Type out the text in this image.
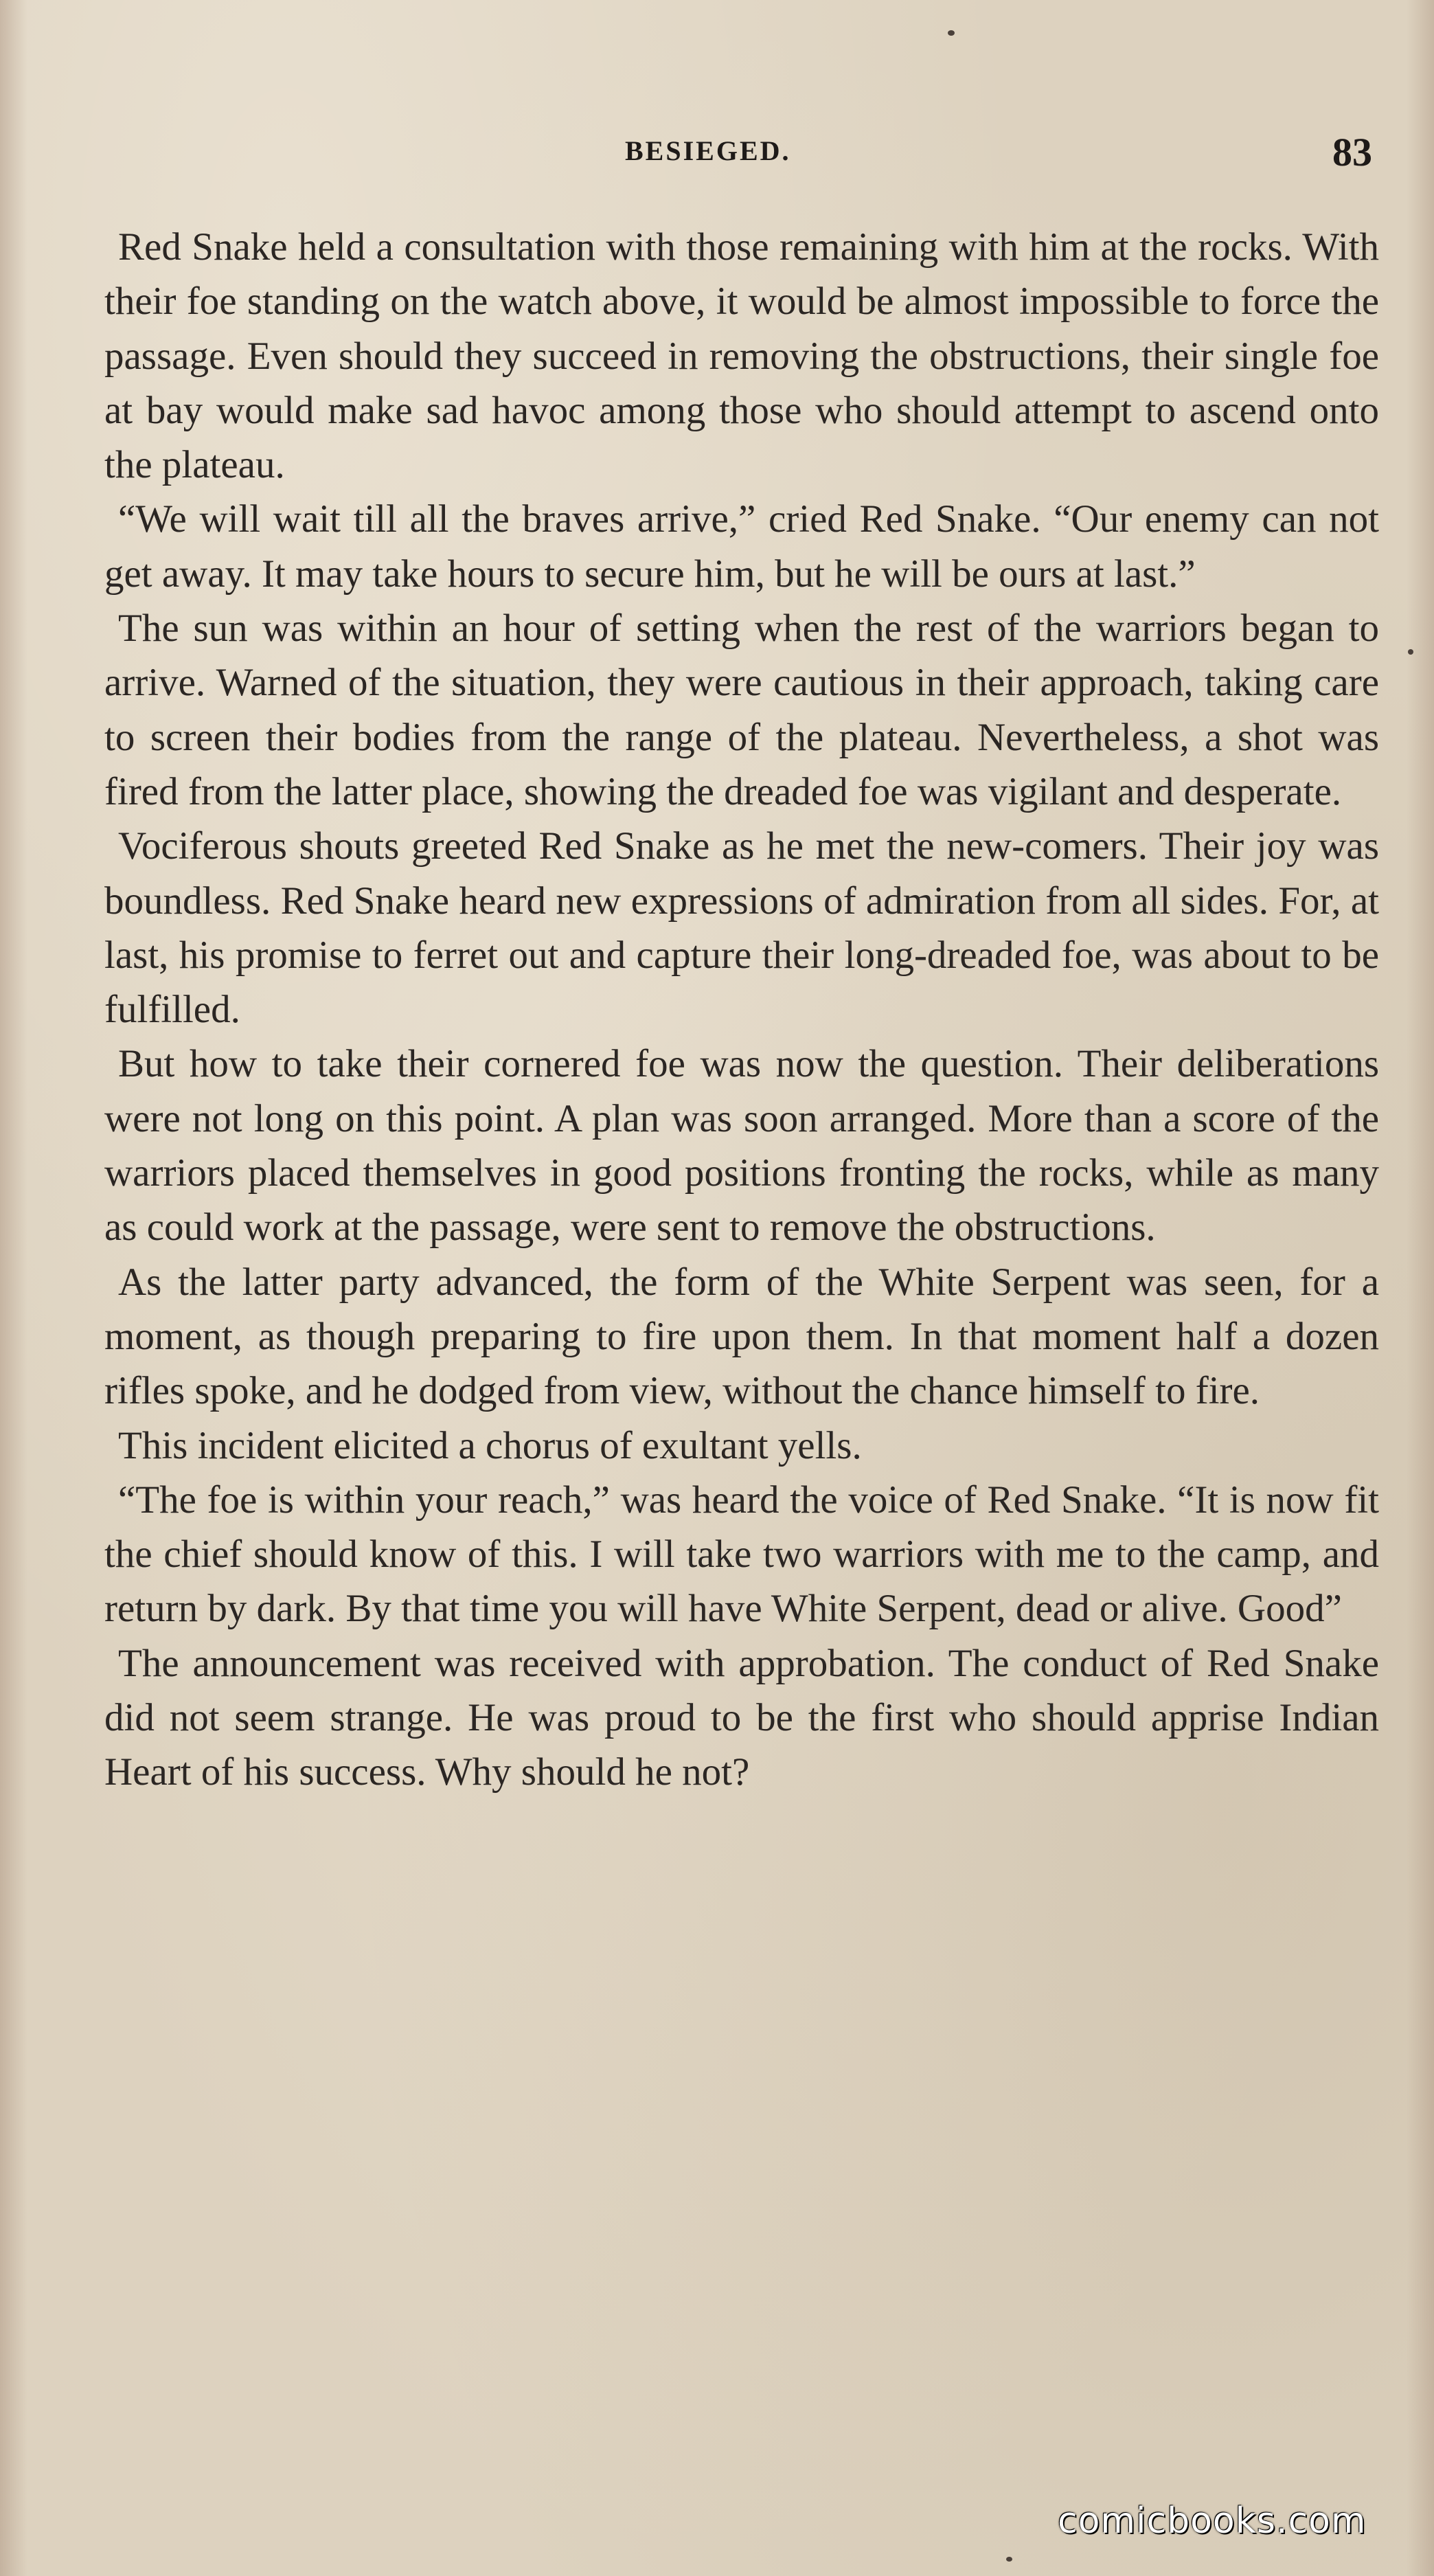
BESIEGED.	83

Red Snake held a consultation with those remaining with him at the rocks. With their foe standing on the watch above, it would be almost impossible to force the passage. Even should they succeed in removing the obstructions, their single foe at bay would make sad havoc among those who should attempt to ascend onto the plateau.

“We will wait till all the braves arrive,” cried Red Snake. “Our enemy can not get away. It may take hours to secure him, but he will be ours at last.”

The sun was within an hour of setting when the rest of the warriors began to arrive. Warned of the situation, they were cautious in their approach, taking care to screen their bodies from the range of the plateau. Nevertheless, a shot was fired from the latter place, showing the dreaded foe was vigilant and desperate.

Vociferous shouts greeted Red Snake as he met the new-comers. Their joy was boundless. Red Snake heard new expressions of admiration from all sides. For, at last, his promise to ferret out and capture their long-dreaded foe, was about to be fulfilled.

But how to take their cornered foe was now the question. Their deliberations were not long on this point. A plan was soon arranged. More than a score of the warriors placed themselves in good positions fronting the rocks, while as many as could work at the passage, were sent to remove the obstructions.

As the latter party advanced, the form of the White Serpent was seen, for a moment, as though preparing to fire upon them. In that moment half a dozen rifles spoke, and he dodged from view, without the chance himself to fire.

This incident elicited a chorus of exultant yells.

“The foe is within your reach,” was heard the voice of Red Snake. “It is now fit the chief should know of this. I will take two warriors with me to the camp, and return by dark. By that time you will have White Serpent, dead or alive. Good”

The announcement was received with approbation. The conduct of Red Snake did not seem strange. He was proud to be the first who should apprise Indian Heart of his success. Why should he not?

comicbooks.com
